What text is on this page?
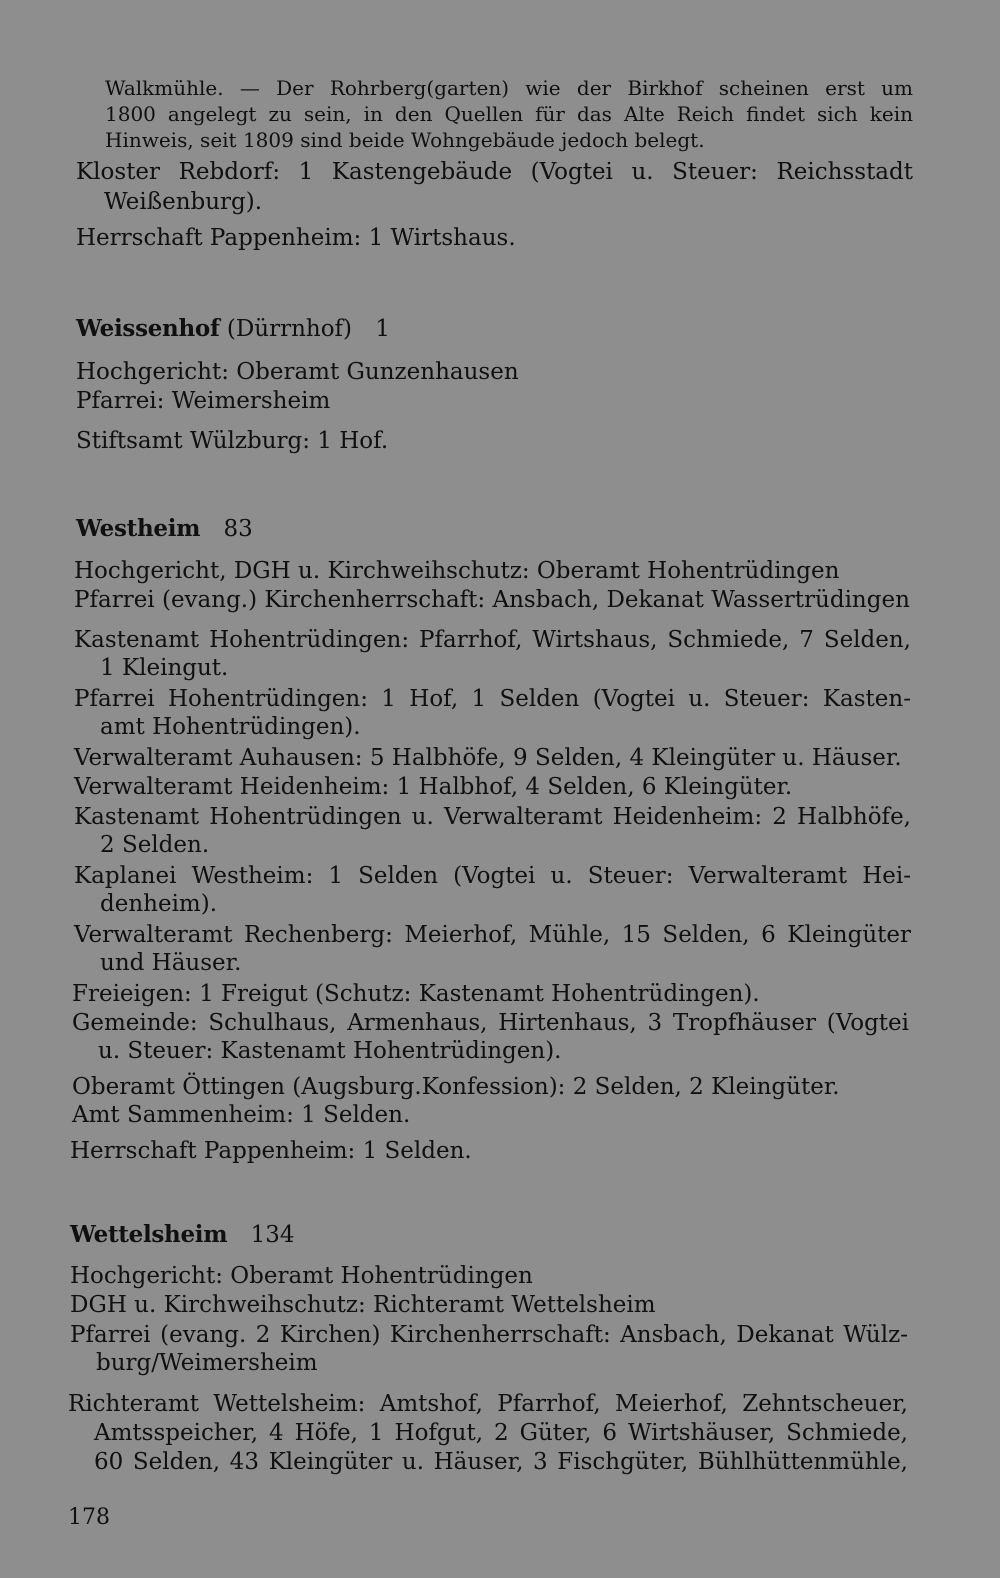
Walkmühle. — Der Rohrberg(garten) wie der Birkhof scheinen erst um

1800 angelegt zu sein, in den Quellen für das Alte Reich findet sich kein

Hinweis, seit 1809 sind beide Wohngebäude jedoch belegt.

Kloster Rebdorf: 1 Kastengebäude (Vogtei u. Steuer: Reichsstadt

Weißenburg).

Herrschaft Pappenheim: 1 Wirtshaus.

Weissenhof (Dürrnhof) 1

Hochgericht: Oberamt Gunzenhausen

Pfarrei: Weimersheim

Stiftsamt Wülzburg: 1 Hof.

Westheim 83

Hochgericht, DGH u. Kirchweihschutz: Oberamt Hohentrüdingen

Pfarrei (evang.) Kirchenherrschaft: Ansbach, Dekanat Wassertrüdingen

Kastenamt Hohentrüdingen: Pfarrhof, Wirtshaus, Schmiede, 7 Selden,

1 Kleingut.

Pfarrei Hohentrüdingen: 1 Hof, 1 Selden (Vogtei u. Steuer: Kasten-

amt Hohentrüdingen).

Verwalteramt Auhausen: 5 Halbhöfe, 9 Selden, 4 Kleingüter u. Häuser.

Verwalteramt Heidenheim: 1 Halbhof, 4 Selden, 6 Kleingüter.

Kastenamt Hohentrüdingen u. Verwalteramt Heidenheim: 2 Halbhöfe,

2 Selden.

Kaplanei Westheim: 1 Selden (Vogtei u. Steuer: Verwalteramt Hei-

denheim).

Verwalteramt Rechenberg: Meierhof, Mühle, 15 Selden, 6 Kleingüter

und Häuser.

Freieigen: 1 Freigut (Schutz: Kastenamt Hohentrüdingen).

Gemeinde: Schulhaus, Armenhaus, Hirtenhaus, 3 Tropfhäuser (Vogtei

u. Steuer: Kastenamt Hohentrüdingen).

Oberamt Öttingen (Augsburg.Konfession): 2 Selden, 2 Kleingüter.

Amt Sammenheim: 1 Selden.

Herrschaft Pappenheim: 1 Selden.

Wettelsheim 134

Hochgericht: Oberamt Hohentrüdingen

DGH u. Kirchweihschutz: Richteramt Wettelsheim

Pfarrei (evang. 2 Kirchen) Kirchenherrschaft: Ansbach, Dekanat Wülz-

burg/Weimersheim

Richteramt Wettelsheim: Amtshof, Pfarrhof, Meierhof, Zehntscheuer,

Amtsspeicher, 4 Höfe, 1 Hofgut, 2 Güter, 6 Wirtshäuser, Schmiede,

60 Selden, 43 Kleingüter u. Häuser, 3 Fischgüter, Bühlhüttenmühle,

178
